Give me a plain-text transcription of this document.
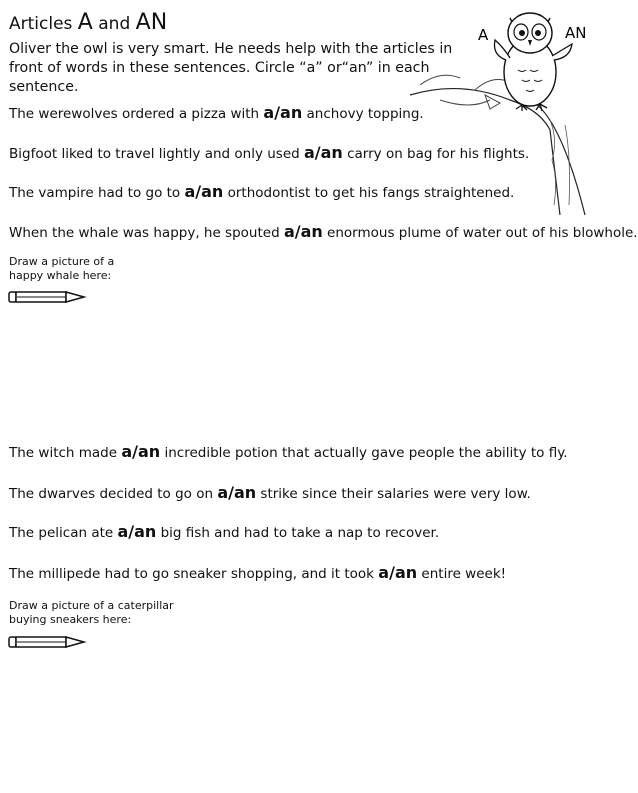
Articles A and AN
Oliver the owl is very smart. He needs help with the articles in front of words in these sentences. Circle “a” or“an” in each sentence.
A	AN
The werewolves ordered a pizza with a/an anchovy topping.
Bigfoot liked to travel lightly and only used a/an carry on bag for his flights.
The vampire had to go to a/an orthodontist to get his fangs straightened.
When the whale was happy, he spouted a/an enormous plume of water out of his blowhole.
Draw a picture of a
happy whale here:
The witch made a/an incredible potion that actually gave people the ability to fly.
The dwarves decided to go on a/an strike since their salaries were very low.
The pelican ate a/an big fish and had to take a nap to recover.
The millipede had to go sneaker shopping, and it took a/an entire week!
Draw a picture of a caterpillar
buying sneakers here:
